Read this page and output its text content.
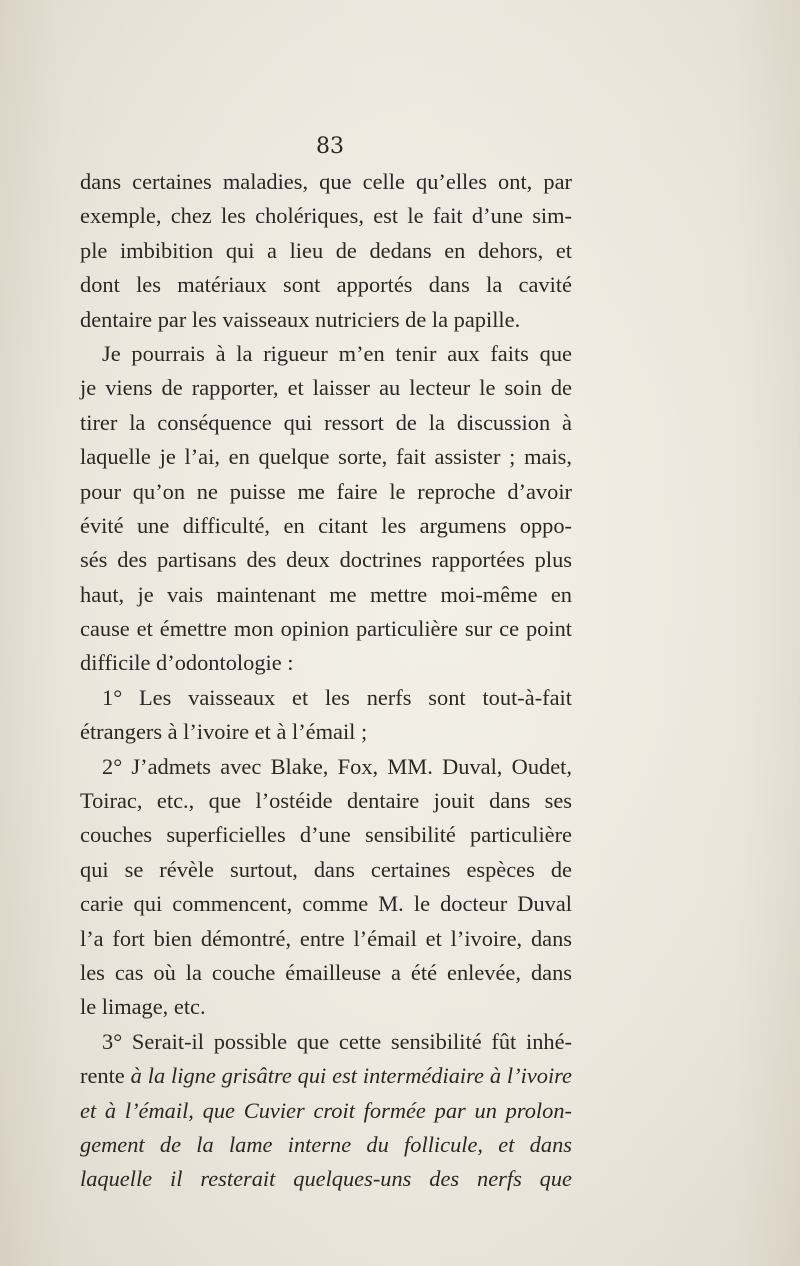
83
dans certaines maladies, que celle qu’elles ont, par
exemple, chez les cholériques, est le fait d’une sim-
ple imbibition qui a lieu de dedans en dehors, et
dont les matériaux sont apportés dans la cavité
dentaire par les vaisseaux nutriciers de la papille.
Je pourrais à la rigueur m’en tenir aux faits que
je viens de rapporter, et laisser au lecteur le soin de
tirer la conséquence qui ressort de la discussion à
laquelle je l’ai, en quelque sorte, fait assister ; mais,
pour qu’on ne puisse me faire le reproche d’avoir
évité une difficulté, en citant les argumens oppo-
sés des partisans des deux doctrines rapportées plus
haut, je vais maintenant me mettre moi-même en
cause et émettre mon opinion particulière sur ce point
difficile d’odontologie :
1° Les vaisseaux et les nerfs sont tout-à-fait
étrangers à l’ivoire et à l’émail ;
2° J’admets avec Blake, Fox, MM. Duval, Oudet,
Toirac, etc., que l’ostéide dentaire jouit dans ses
couches superficielles d’une sensibilité particulière
qui se révèle surtout, dans certaines espèces de
carie qui commencent, comme M. le docteur Duval
l’a fort bien démontré, entre l’émail et l’ivoire, dans
les cas où la couche émailleuse a été enlevée, dans
le limage, etc.
3° Serait-il possible que cette sensibilité fût inhé-
rente à la ligne grisâtre qui est intermédiaire à l’ivoire
et à l’émail, que Cuvier croit formée par un prolon-
gement de la lame interne du follicule, et dans
laquelle il resterait quelques-uns des nerfs que
